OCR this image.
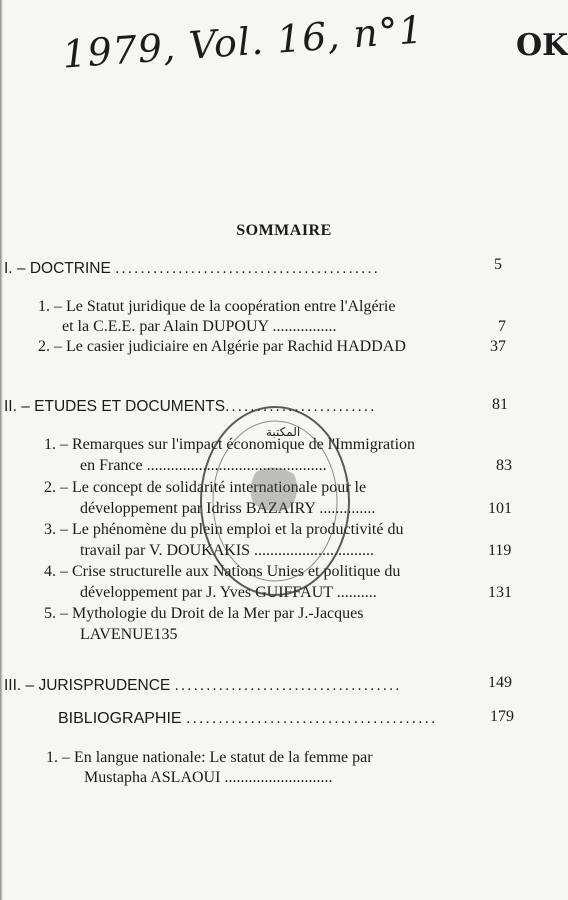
1979, Vol. 16, n°1	OK
SOMMAIRE
I. – DOCTRINE ..........................................	5
1. – Le Statut juridique de la coopération entre l'Algérie
et la C.E.E. par Alain DUPOUY ................	7
2. – Le casier judiciaire en Algérie par Rachid HADDAD	37
II. – ETUDES ET DOCUMENTS........................	81
1. – Remarques sur l'impact économique de l'Immigration
en France .............................................	83
2. – Le concept de solidarité internationale pour le
développement par Idriss BAZAIRY ..............	101
3. – Le phénomène du plein emploi et la productivité du
travail par V. DOUKAKIS ..............................	119
4. – Crise structurelle aux Nations Unies et politique du
développement par J. Yves GUIFFAUT ..........	131
5. – Mythologie du Droit de la Mer par J.-Jacques
LAVENUE135
III. – JURISPRUDENCE ....................................	149
BIBLIOGRAPHIE .......................................	179
1. – En langue nationale: Le statut de la femme par
Mustapha ASLAOUI ...........................
المكتبة
